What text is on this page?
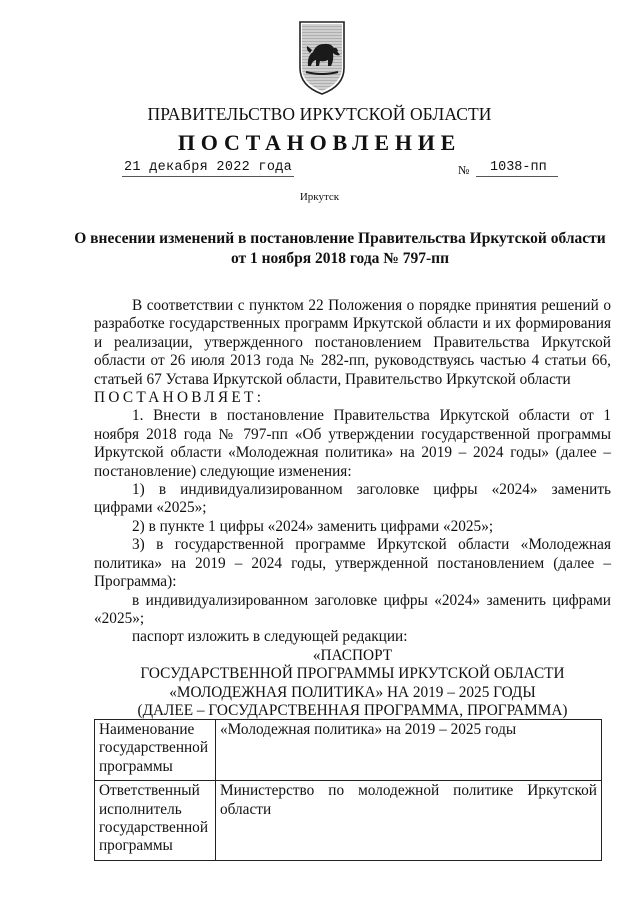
ПРАВИТЕЛЬСТВО ИРКУТСКОЙ ОБЛАСТИ
ПОСТАНОВЛЕНИЕ
21 декабря 2022 года	№	1038-пп
Иркутск
О внесении изменений в постановление Правительства Иркутской области
от 1 ноября 2018 года № 797-пп

В соответствии с пунктом 22 Положения о порядке принятия решений о разработке государственных программ Иркутской области и их формирования и реализации, утвержденного постановлением Правительства Иркутской области от 26 июля 2013 года № 282-пп, руководствуясь частью 4 статьи 66, статьей 67 Устава Иркутской области, Правительство Иркутской области

ПОСТАНОВЛЯЕТ:

1. Внести в постановление Правительства Иркутской области от 1 ноября 2018 года № 797-пп «Об утверждении государственной программы Иркутской области «Молодежная политика» на 2019 – 2024 годы» (далее – постановление) следующие изменения:

1) в индивидуализированном заголовке цифры «2024» заменить цифрами «2025»;

2) в пункте 1 цифры «2024» заменить цифрами «2025»;

3) в государственной программе Иркутской области «Молодежная политика» на 2019 – 2024 годы, утвержденной постановлением (далее – Программа):

в индивидуализированном заголовке цифры «2024» заменить цифрами «2025»;

паспорт изложить в следующей редакции:

«ПАСПОРТ

ГОСУДАРСТВЕННОЙ ПРОГРАММЫ ИРКУТСКОЙ ОБЛАСТИ

«МОЛОДЕЖНАЯ ПОЛИТИКА» НА 2019 – 2025 ГОДЫ

(ДАЛЕЕ – ГОСУДАРСТВЕННАЯ ПРОГРАММА, ПРОГРАММА)

Наименование государственной программы	«Молодежная политика» на 2019 – 2025 годы
Ответственный исполнитель государственной программы	Министерство по молодежной политике Иркутской области
